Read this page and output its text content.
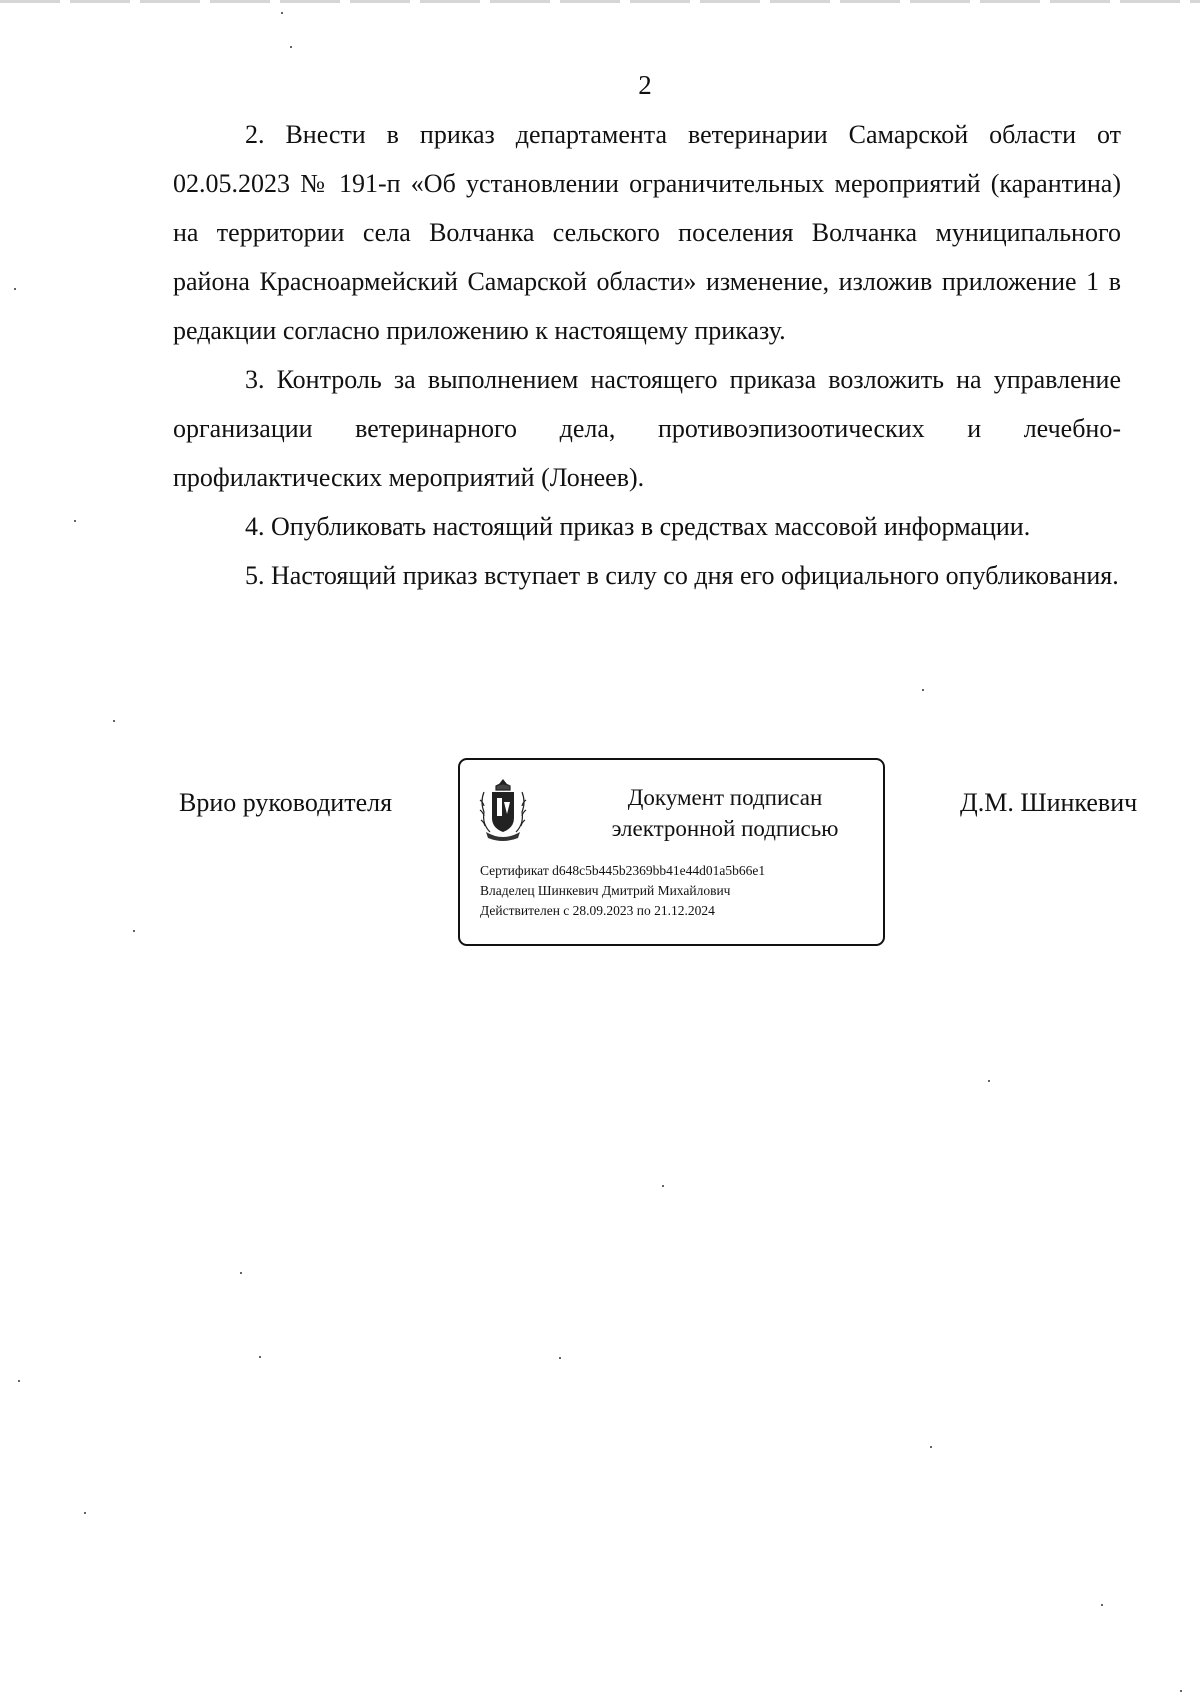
2

2. Внести в приказ департамента ветеринарии Самарской области от 02.05.2023 № 191-п «Об установлении ограничительных мероприятий (карантина) на территории села Волчанка сельского поселения Волчанка муниципального района Красноармейский Самарской области» изменение, изложив приложение 1 в редакции согласно приложению к настоящему приказу.

3. Контроль за выполнением настоящего приказа возложить на управление организации ветеринарного дела, противоэпизоотических и лечебно-профилактических мероприятий (Лонеев).

4. Опубликовать настоящий приказ в средствах массовой информации.

5. Настоящий приказ вступает в силу со дня его официального опубликования.

Врио руководителя	Документ подписан
электронной подписью
Сертификат d648c5b445b2369bb41e44d01a5b66e1
Владелец Шинкевич Дмитрий Михайлович
Действителен с 28.09.2023 по 21.12.2024
Д.М. Шинкевич
